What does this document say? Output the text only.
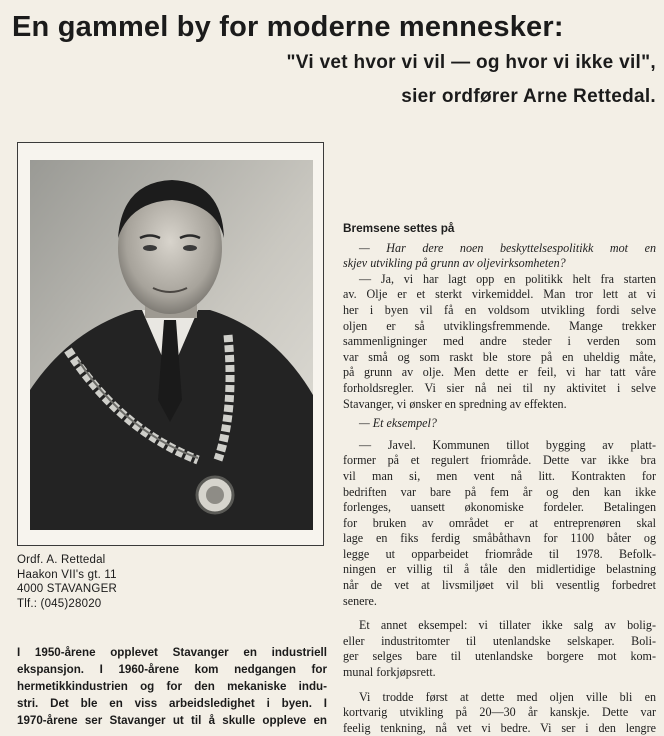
En gammel by for moderne mennesker:
"Vi vet hvor vi vil — og hvor vi ikke vil",
sier ordfører Arne Rettedal.
Ordf. A. Rettedal
Haakon VII's gt. 11
4000 STAVANGER
Tlf.: (045)28020
I 1950-årene opplevet Stavanger en industriell
ekspansjon. I 1960-årene kom nedgangen for
hermetikkindustrien og for den mekaniske indu-
stri. Det ble en viss arbeidsledighet i byen. I
1970-årene ser Stavanger ut til å skulle oppleve en
Bremsene settes på
— Har dere noen beskyttelsespolitikk mot en
skjev utvikling på grunn av oljevirksomheten?
— Ja, vi har lagt opp en politikk helt fra starten
av. Olje er et sterkt virkemiddel. Man tror lett at vi
her i byen vil få en voldsom utvikling fordi selve
oljen er så utviklingsfremmende. Mange trekker
sammenligninger med andre steder i verden som
var små og som raskt ble store på en uheldig måte,
på grunn av olje. Men dette er feil, vi har tatt våre
forholdsregler. Vi sier nå nei til ny aktivitet i selve
Stavanger, vi ønsker en spredning av effekten.
— Et eksempel?
— Javel. Kommunen tillot bygging av platt-
former på et regulert friområde. Dette var ikke bra
vil man si, men vent nå litt. Kontrakten for
bedriften var bare på fem år og den kan ikke
forlenges, uansett økonomiske fordeler. Betalingen
for bruken av området er at entreprenøren skal
lage en fiks ferdig småbåthavn for 1100 båter og
legge ut opparbeidet friområde til 1978. Befolk-
ningen er villig til å tåle den midlertidige belastning
når de vet at livsmiljøet vil bli vesentlig forbedret
senere.
Et annet eksempel: vi tillater ikke salg av bolig-
eller industritomter til utenlandske selskaper. Boli-
ger selges bare til utenlandske borgere mot kom-
munal forkjøpsrett.
Vi trodde først at dette med oljen ville bli en
kortvarig utvikling på 20—30 år kanskje. Dette var
feelig tenkning, nå vet vi bedre. Vi ser i den lengre
